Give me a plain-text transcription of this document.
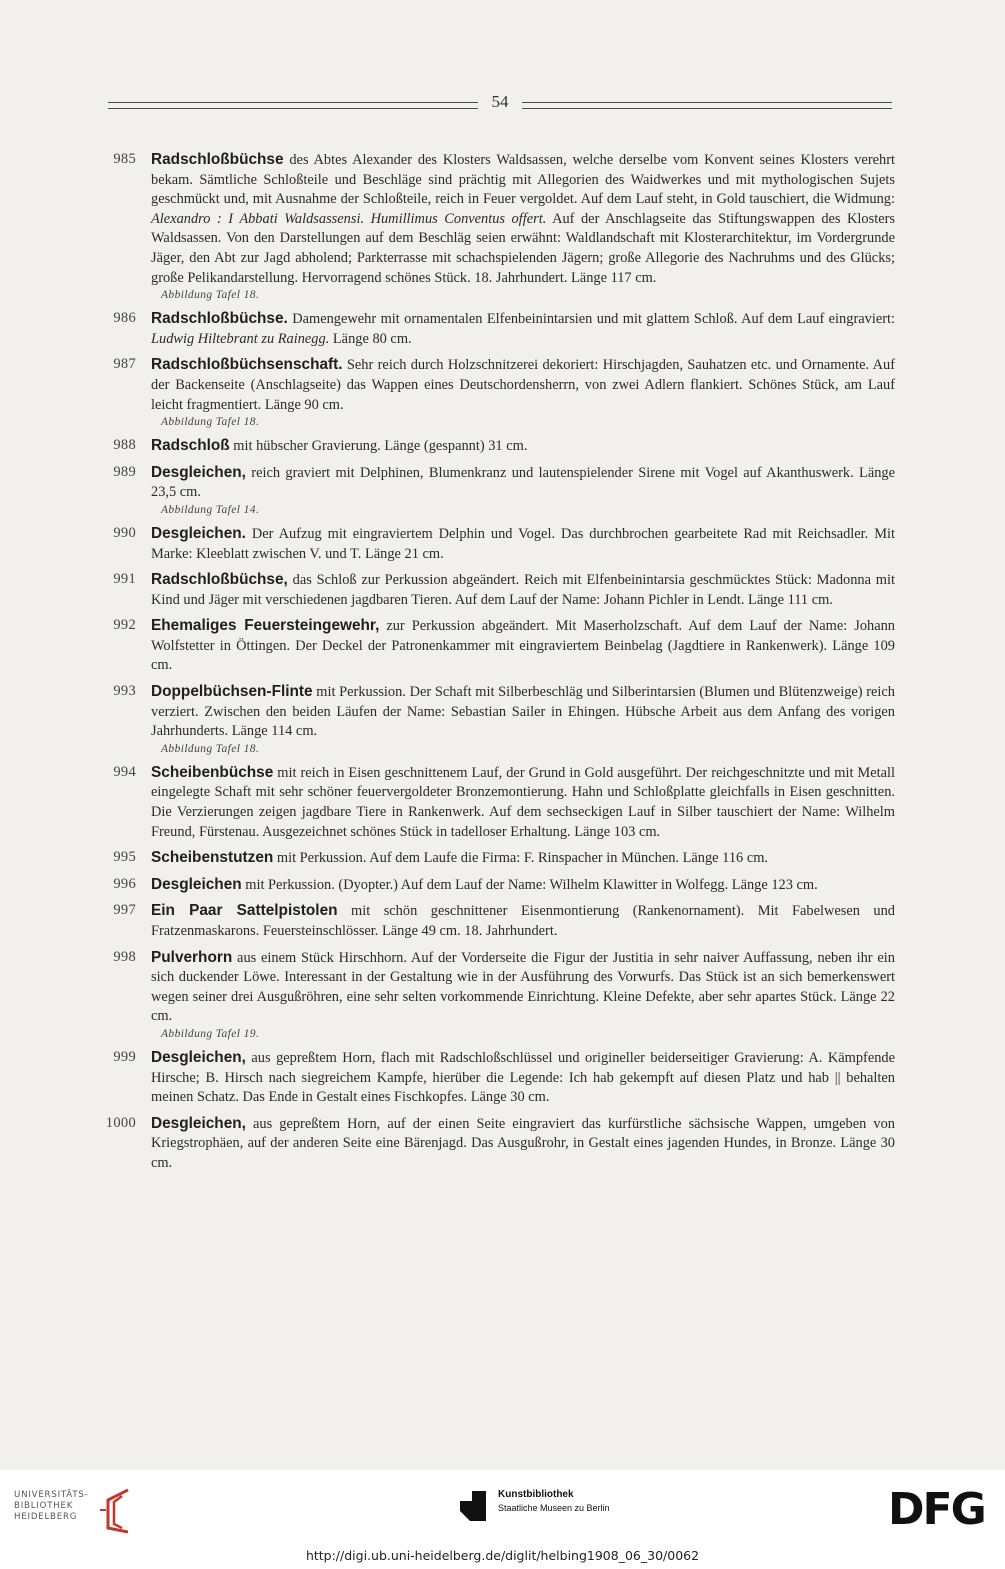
54
985 Radschloßbüchse des Abtes Alexander des Klosters Waldsassen, welche derselbe vom Konvent seines Klosters verehrt bekam. Sämtliche Schloßteile und Beschläge sind prächtig mit Allegorien des Waidwerkes und mit mythologischen Sujets geschmückt und, mit Ausnahme der Schloßteile, reich in Feuer vergoldet. Auf dem Lauf steht, in Gold tauschiert, die Widmung: Alexandro : I Abbati Waldsassensi. Humillimus Conventus offert. Auf der Anschlagseite das Stiftungswappen des Klosters Waldsassen. Von den Darstellungen auf dem Beschläg seien erwähnt: Waldlandschaft mit Klosterarchitektur, im Vordergrunde Jäger, den Abt zur Jagd abholend; Parkterrasse mit schachspielenden Jägern; große Allegorie des Nachruhms und des Glücks; große Pelikandarstellung. Hervorragend schönes Stück. 18. Jahrhundert. Länge 117 cm.
Abbildung Tafel 18.
986 Radschloßbüchse. Damengewehr mit ornamentalen Elfenbeinintarsien und mit glattem Schloß. Auf dem Lauf eingraviert: Ludwig Hiltebrant zu Rainegg. Länge 80 cm.
987 Radschloßbüchsenschaft. Sehr reich durch Holzschnitzerei dekoriert: Hirschjagden, Sauhatzen etc. und Ornamente. Auf der Backenseite (Anschlagseite) das Wappen eines Deutschordensherrn, von zwei Adlern flankiert. Schönes Stück, am Lauf leicht fragmentiert. Länge 90 cm.
Abbildung Tafel 18.
988 Radschloß mit hübscher Gravierung. Länge (gespannt) 31 cm.
989 Desgleichen, reich graviert mit Delphinen, Blumenkranz und lautenspielender Sirene mit Vogel auf Akanthuswerk. Länge 23,5 cm.
Abbildung Tafel 14.
990 Desgleichen. Der Aufzug mit eingraviertem Delphin und Vogel. Das durchbrochen gearbeitete Rad mit Reichsadler. Mit Marke: Kleeblatt zwischen V. und T. Länge 21 cm.
991 Radschloßbüchse, das Schloß zur Perkussion abgeändert. Reich mit Elfenbeinintarsia geschmücktes Stück: Madonna mit Kind und Jäger mit verschiedenen jagdbaren Tieren. Auf dem Lauf der Name: Johann Pichler in Lendt. Länge 111 cm.
992 Ehemaliges Feuersteingewehr, zur Perkussion abgeändert. Mit Maserholzschaft. Auf dem Lauf der Name: Johann Wolfstetter in Öttingen. Der Deckel der Patronenkammer mit eingraviertem Beinbelag (Jagdtiere in Rankenwerk). Länge 109 cm.
993 Doppelbüchsen-Flinte mit Perkussion. Der Schaft mit Silberbeschläg und Silberintarsien (Blumen und Blütenzweige) reich verziert. Zwischen den beiden Läufen der Name: Sebastian Sailer in Ehingen. Hübsche Arbeit aus dem Anfang des vorigen Jahrhunderts. Länge 114 cm.
Abbildung Tafel 18.
994 Scheibenbüchse mit reich in Eisen geschnittenem Lauf, der Grund in Gold ausgeführt. Der reichgeschnitzte und mit Metall eingelegte Schaft mit sehr schöner feuervergoldeter Bronzemontierung. Hahn und Schloßplatte gleichfalls in Eisen geschnitten. Die Verzierungen zeigen jagdbare Tiere in Rankenwerk. Auf dem sechseckigen Lauf in Silber tauschiert der Name: Wilhelm Freund, Fürstenau. Ausgezeichnet schönes Stück in tadelloser Erhaltung. Länge 103 cm.
995 Scheibenstutzen mit Perkussion. Auf dem Laufe die Firma: F. Rinspacher in München. Länge 116 cm.
996 Desgleichen mit Perkussion. (Dyopter.) Auf dem Lauf der Name: Wilhelm Klawitter in Wolfegg. Länge 123 cm.
997 Ein Paar Sattelpistolen mit schön geschnittener Eisenmontierung (Rankenornament). Mit Fabelwesen und Fratzenmaskarons. Feuersteinschlösser. Länge 49 cm. 18. Jahrhundert.
998 Pulverhorn aus einem Stück Hirschhorn. Auf der Vorderseite die Figur der Justitia in sehr naiver Auffassung, neben ihr ein sich duckender Löwe. Interessant in der Gestaltung wie in der Ausführung des Vorwurfs. Das Stück ist an sich bemerkenswert wegen seiner drei Ausgußröhren, eine sehr selten vorkommende Einrichtung. Kleine Defekte, aber sehr apartes Stück. Länge 22 cm.
Abbildung Tafel 19.
999 Desgleichen, aus gepreßtem Horn, flach mit Radschloßschlüssel und origineller beiderseitiger Gravierung: A. Kämpfende Hirsche; B. Hirsch nach siegreichem Kampfe, hierüber die Legende: Ich hab gekempft auf diesen Platz und hab || behalten meinen Schatz. Das Ende in Gestalt eines Fischkopfes. Länge 30 cm.
1000 Desgleichen, aus gepreßtem Horn, auf der einen Seite eingraviert das kurfürstliche sächsische Wappen, umgeben von Kriegstrophäen, auf der anderen Seite eine Bärenjagd. Das Ausgußrohr, in Gestalt eines jagenden Hundes, in Bronze. Länge 30 cm.
UNIVERSITÄTS-
BIBLIOTHEK
HEIDELBERG
Kunstbibliothek
Staatliche Museen zu Berlin	DFG
http://digi.ub.uni-heidelberg.de/diglit/helbing1908_06_30/0062
